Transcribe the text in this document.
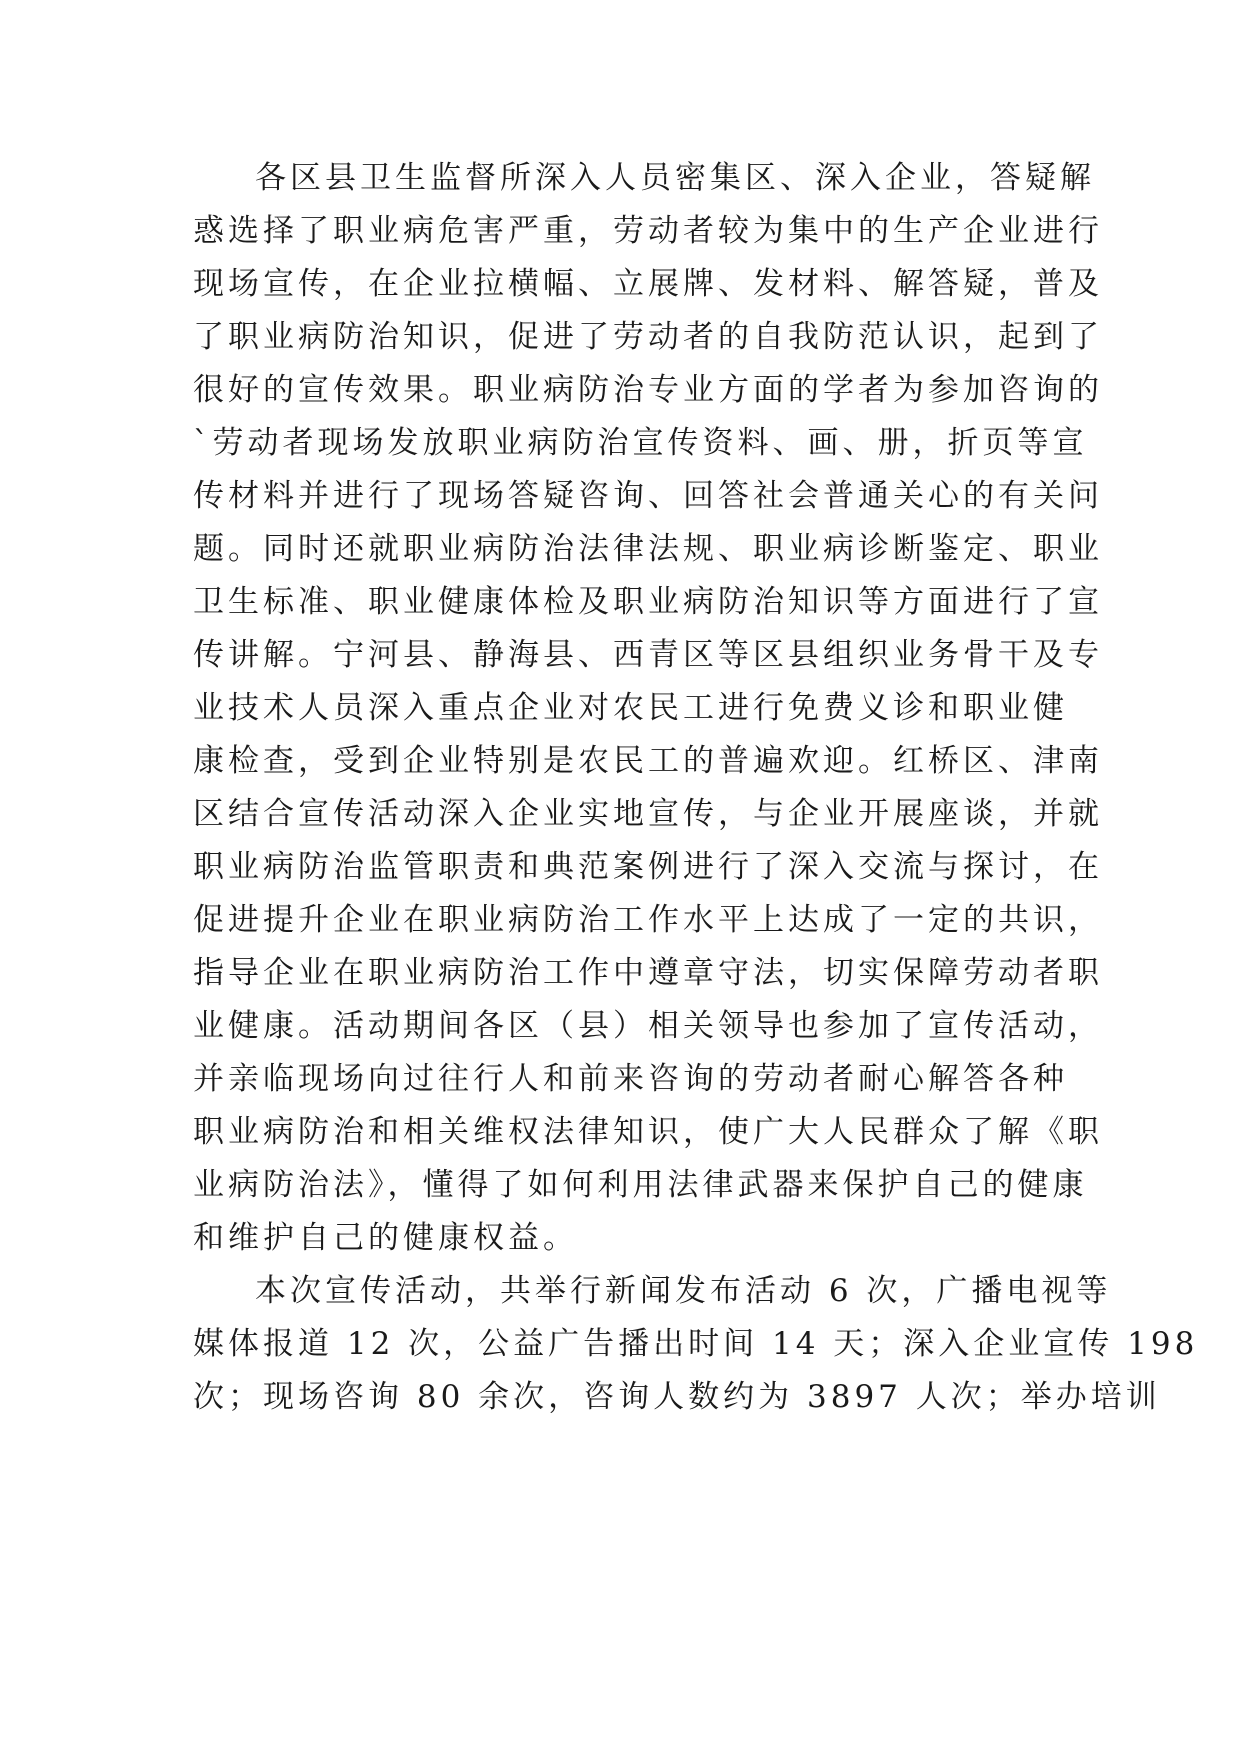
各区县卫生监督所深入人员密集区、深入企业，答疑解
惑选择了职业病危害严重，劳动者较为集中的生产企业进行
现场宣传，在企业拉横幅、立展牌、发材料、解答疑，普及
了职业病防治知识，促进了劳动者的自我防范认识，起到了
很好的宣传效果。职业病防治专业方面的学者为参加咨询的
`劳动者现场发放职业病防治宣传资料、画、册，折页等宣
传材料并进行了现场答疑咨询、回答社会普通关心的有关问
题。同时还就职业病防治法律法规、职业病诊断鉴定、职业
卫生标准、职业健康体检及职业病防治知识等方面进行了宣
传讲解。宁河县、静海县、西青区等区县组织业务骨干及专
业技术人员深入重点企业对农民工进行免费义诊和职业健
康检查，受到企业特别是农民工的普遍欢迎。红桥区、津南
区结合宣传活动深入企业实地宣传，与企业开展座谈，并就
职业病防治监管职责和典范案例进行了深入交流与探讨，在
促进提升企业在职业病防治工作水平上达成了一定的共识，
指导企业在职业病防治工作中遵章守法，切实保障劳动者职
业健康。活动期间各区（县）相关领导也参加了宣传活动，
并亲临现场向过往行人和前来咨询的劳动者耐心解答各种
职业病防治和相关维权法律知识，使广大人民群众了解《职
业病防治法》，懂得了如何利用法律武器来保护自己的健康
和维护自己的健康权益。
本次宣传活动，共举行新闻发布活动 6 次，广播电视等
媒体报道 12 次，公益广告播出时间 14 天；深入企业宣传 198
次；现场咨询 80 余次，咨询人数约为 3897 人次；举办培训
